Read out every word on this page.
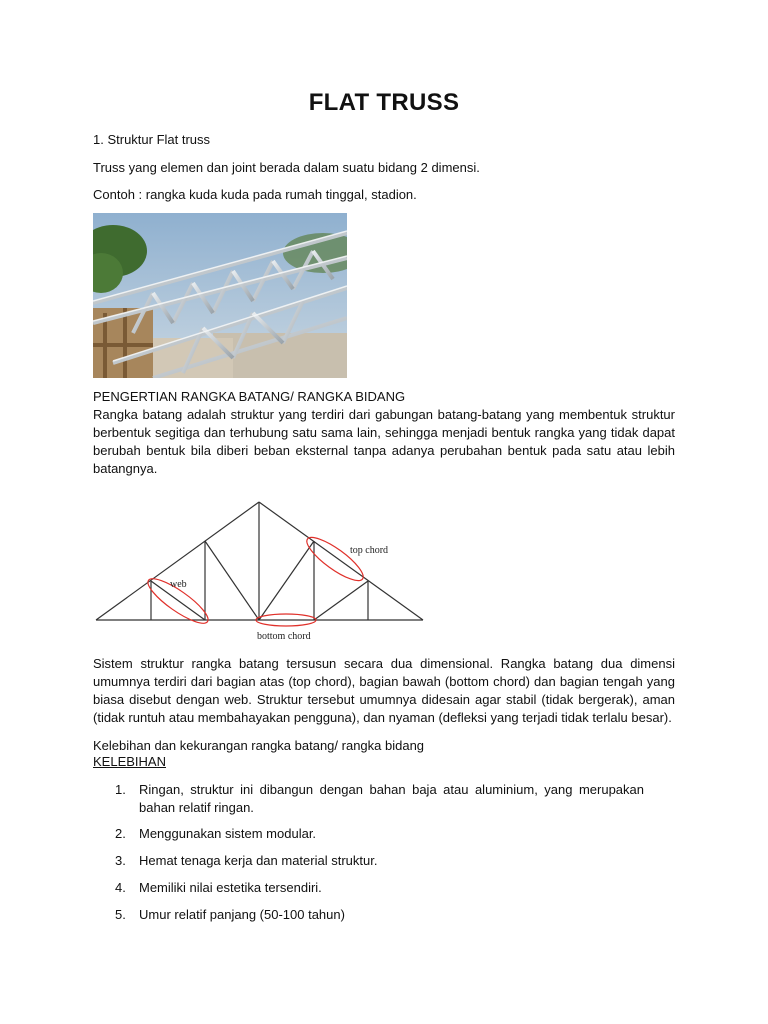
FLAT TRUSS
1. Struktur Flat truss
Truss yang elemen dan joint berada dalam suatu bidang 2 dimensi.
Contoh : rangka kuda kuda pada rumah tinggal, stadion.
PENGERTIAN RANGKA BATANG/ RANGKA BIDANG
Rangka batang adalah struktur yang terdiri dari gabungan batang-batang yang membentuk struktur berbentuk segitiga dan terhubung satu sama lain, sehingga menjadi bentuk rangka yang tidak dapat berubah bentuk bila diberi beban eksternal tanpa adanya perubahan bentuk pada satu atau lebih batangnya.
top chord
web
bottom chord
Sistem struktur rangka batang tersusun secara dua dimensional. Rangka batang dua dimensi umumnya terdiri dari bagian atas (top chord), bagian bawah (bottom chord) dan bagian tengah yang biasa disebut dengan web. Struktur tersebut umumnya didesain agar stabil (tidak bergerak), aman (tidak runtuh atau membahayakan pengguna), dan nyaman (defleksi yang terjadi tidak terlalu besar).
Kelebihan dan kekurangan rangka batang/ rangka bidang
KELEBIHAN
1. Ringan, struktur ini dibangun dengan bahan baja atau aluminium, yang merupakan bahan relatif ringan.
2. Menggunakan sistem modular.
3. Hemat tenaga kerja dan material struktur.
4. Memiliki nilai estetika tersendiri.
5. Umur relatif panjang (50-100 tahun)
